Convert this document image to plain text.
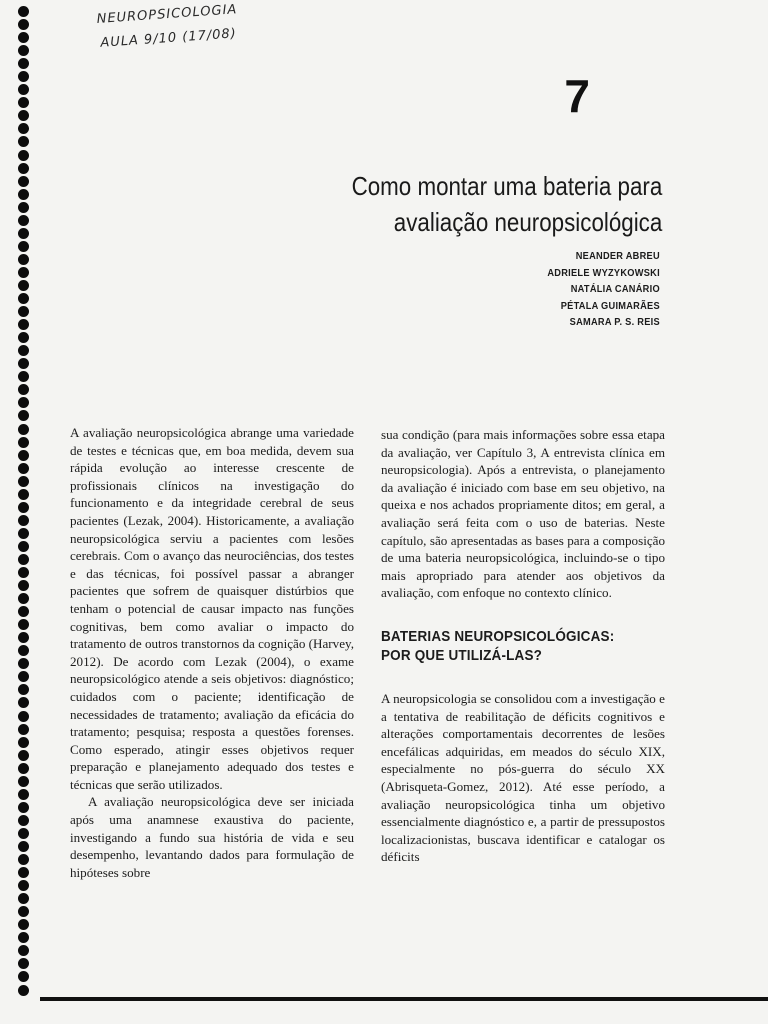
NEUROPSICOLOGIA
AULA 9/10 (17/08)
7
Como montar uma bateria para
avaliação neuropsicológica
NEANDER ABREU
ADRIELE WYZYKOWSKI
NATÁLIA CANÁRIO
PÉTALA GUIMARÃES
SAMARA P. S. REIS

A avaliação neuropsicológica abrange uma variedade de testes e técnicas que, em boa medida, devem sua rápida evolução ao interesse crescente de profissionais clínicos na investigação do funcionamento e da integridade cerebral de seus pacientes (Lezak, 2004). Historicamente, a avaliação neuropsicológica serviu a pacientes com lesões cerebrais. Com o avanço das neurociências, dos testes e das técnicas, foi possível passar a abranger pacientes que sofrem de quaisquer distúrbios que tenham o potencial de causar impacto nas funções cognitivas, bem como avaliar o impacto do tratamento de outros transtornos da cognição (Harvey, 2012). De acordo com Lezak (2004), o exame neuropsicológico atende a seis objetivos: diagnóstico; cuidados com o paciente; identificação de necessidades de tratamento; avaliação da eficácia do tratamento; pesquisa; resposta a questões forenses. Como esperado, atingir esses objetivos requer preparação e planejamento adequado dos testes e técnicas que serão utilizados.

A avaliação neuropsicológica deve ser iniciada após uma anamnese exaustiva do paciente, investigando a fundo sua história de vida e seu desempenho, levantando dados para formulação de hipóteses sobre

sua condição (para mais informações sobre essa etapa da avaliação, ver Capítulo 3, A entrevista clínica em neuropsicologia). Após a entrevista, o planejamento da avaliação é iniciado com base em seu objetivo, na queixa e nos achados propriamente ditos; em geral, a avaliação será feita com o uso de baterias. Neste capítulo, são apresentadas as bases para a composição de uma bateria neuropsicológica, incluindo-se o tipo mais apropriado para atender aos objetivos da avaliação, com enfoque no contexto clínico.

BATERIAS NEUROPSICOLÓGICAS:
POR QUE UTILIZÁ-LAS?

A neuropsicologia se consolidou com a investigação e a tentativa de reabilitação de déficits cognitivos e alterações comportamentais decorrentes de lesões encefálicas adquiridas, em meados do século XIX, especialmente no pós-guerra do século XX (Abrisqueta-Gomez, 2012). Até esse período, a avaliação neuropsicológica tinha um objetivo essencialmente diagnóstico e, a partir de pressupostos localizacionistas, buscava identificar e catalogar os déficits
